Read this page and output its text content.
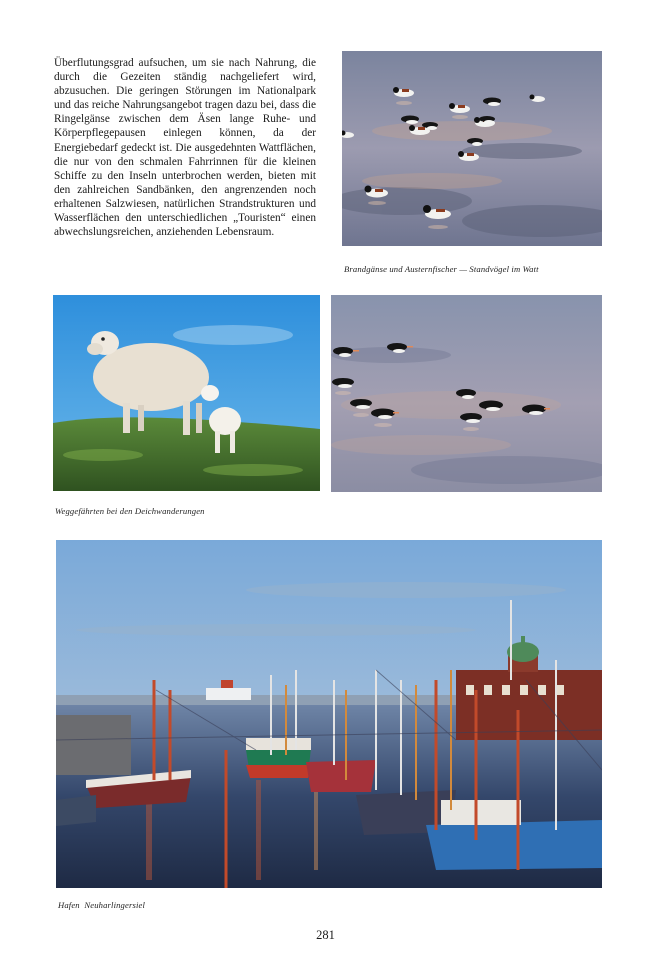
Überflutungsgrad aufsuchen, um sie nach Nahrung, die durch die Gezeiten ständig nachgeliefert wird, abzusuchen. Die geringen Störungen im Nationalpark und das reiche Nahrungsangebot tragen dazu bei, dass die Ringelgänse zwischen dem Äsen lange Ruhe- und Körperpflegepausen einlegen können, da der Energiebedarf gedeckt ist. Die ausgedehnten Wattflächen, die nur von den schmalen Fahrrinnen für die kleinen Schiffe zu den Inseln unterbrochen werden, bieten mit den zahlreichen Sandbänken, den angrenzenden noch erhaltenen Salzwiesen, natürlichen Strandstrukturen und Wasserflächen den unterschiedlichen „Touristen“ einen abwechslungsreichen, anziehenden Lebensraum.

Brandgänse und Austernfischer — Standvögel im Watt
Weggefährten bei den Deichwanderungen
Hafen  Neuharlingersiel
281
